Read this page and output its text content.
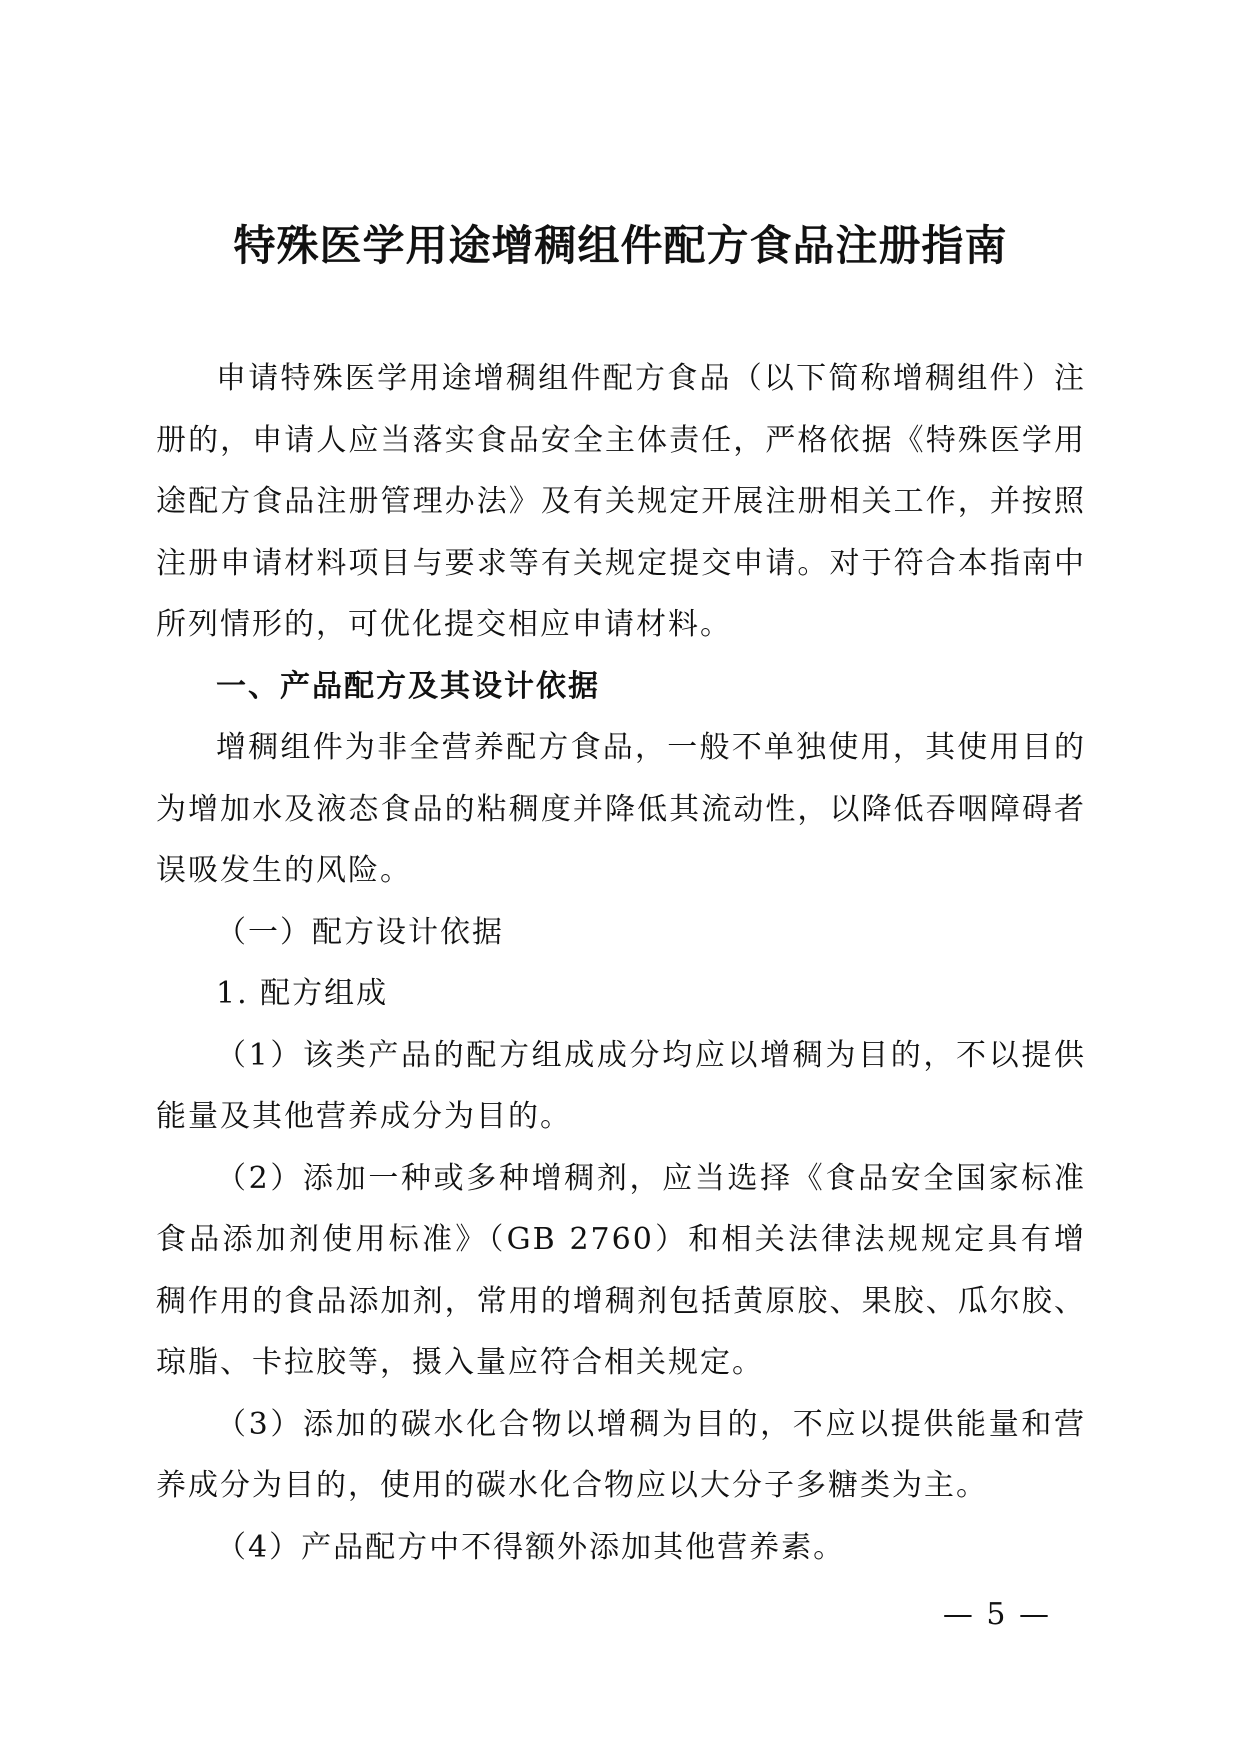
特殊医学用途增稠组件配方食品注册指南

申请特殊医学用途增稠组件配方食品（以下简称增稠组件）注册的，申请人应当落实食品安全主体责任，严格依据《特殊医学用途配方食品注册管理办法》及有关规定开展注册相关工作，并按照注册申请材料项目与要求等有关规定提交申请。对于符合本指南中所列情形的，可优化提交相应申请材料。

一、产品配方及其设计依据

增稠组件为非全营养配方食品，一般不单独使用，其使用目的为增加水及液态食品的粘稠度并降低其流动性，以降低吞咽障碍者误吸发生的风险。

（一）配方设计依据

1. 配方组成

（1）该类产品的配方组成成分均应以增稠为目的，不以提供能量及其他营养成分为目的。

（2）添加一种或多种增稠剂，应当选择《食品安全国家标准 食品添加剂使用标准》（GB 2760）和相关法律法规规定具有增稠作用的食品添加剂，常用的增稠剂包括黄原胶、果胶、瓜尔胶、琼脂、卡拉胶等，摄入量应符合相关规定。

（3）添加的碳水化合物以增稠为目的，不应以提供能量和营养成分为目的，使用的碳水化合物应以大分子多糖类为主。

（4）产品配方中不得额外添加其他营养素。

— 5 —
